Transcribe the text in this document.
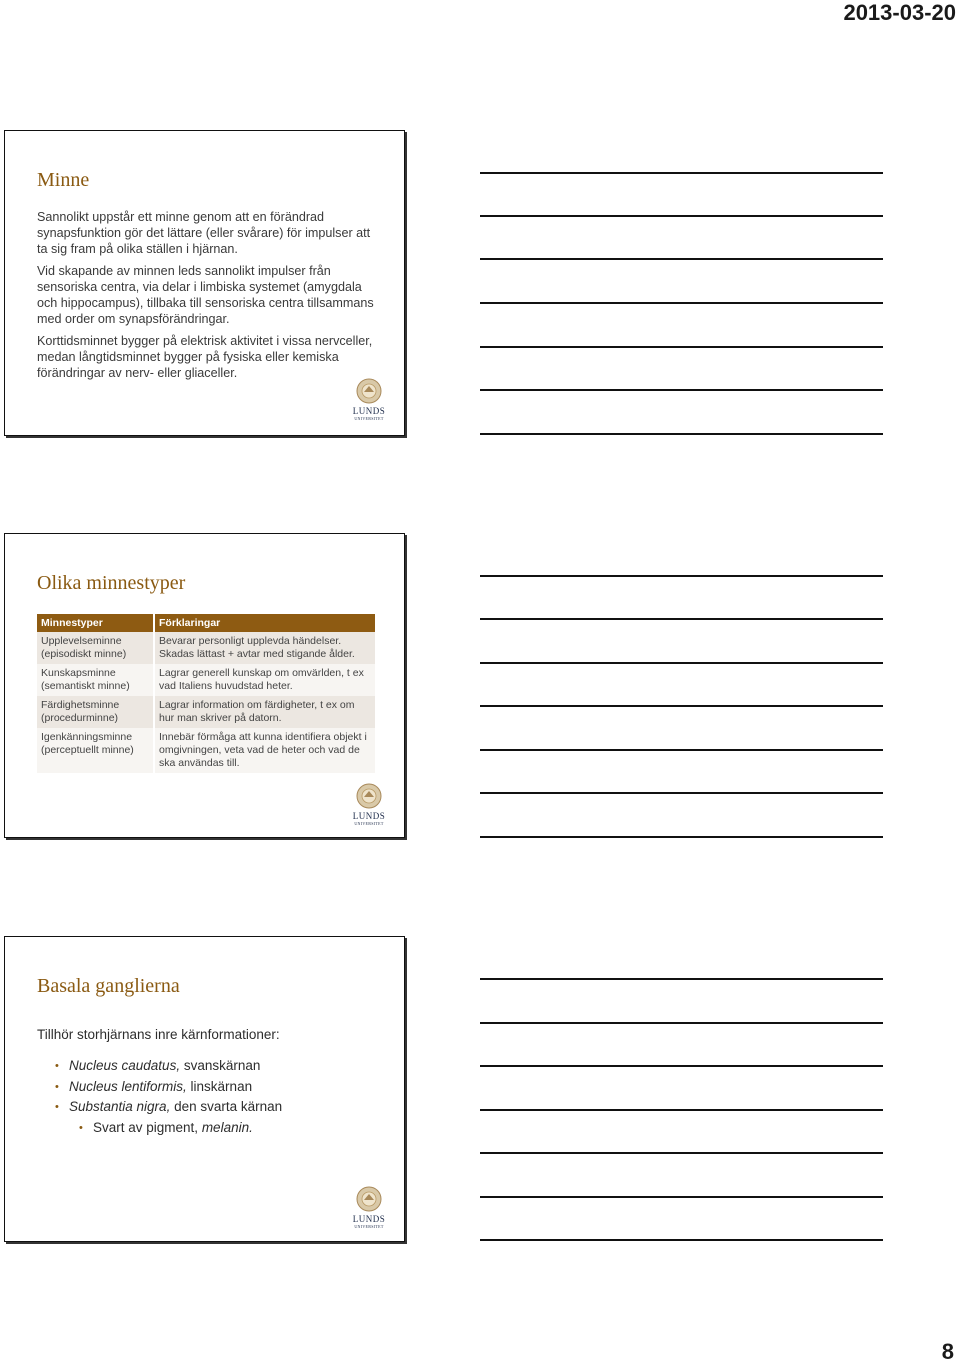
2013-03-20
Minne

Sannolikt uppstår ett minne genom att en förändrad synapsfunktion gör det lättare (eller svårare) för impulser att ta sig fram på olika ställen i hjärnan.

Vid skapande av minnen leds sannolikt impulser från sensoriska centra, via delar i limbiska systemet (amygdala och hippocampus), tillbaka till sensoriska centra tillsammans med order om synapsförändringar.

Korttidsminnet bygger på elektrisk aktivitet i vissa nervceller, medan långtidsminnet bygger på fysiska eller kemiska förändringar av nerv- eller gliaceller.

LUNDS
UNIVERSITET
Olika minnestyper
Minnestyper	Förklaringar
Upplevelseminne (episodiskt minne)	Bevarar personligt upplevda händelser. Skadas lättast + avtar med stigande ålder.
Kunskapsminne (semantiskt minne)	Lagrar generell kunskap om omvärlden, t ex vad Italiens huvudstad heter.
Färdighetsminne (procedurminne)	Lagrar information om färdigheter, t ex om hur man skriver på datorn.
Igenkänningsminne (perceptuellt minne)	Innebär förmåga att kunna identifiera objekt i omgivningen, veta vad de heter och vad de ska användas till.
LUNDS
UNIVERSITET
Basala ganglierna
Tillhör storhjärnans inre kärnformationer:
• Nucleus caudatus, svanskärnan
• Nucleus lentiformis, linskärnan
• Substantia nigra, den svarta kärnan
• Svart av pigment, melanin.
LUNDS
UNIVERSITET
8
